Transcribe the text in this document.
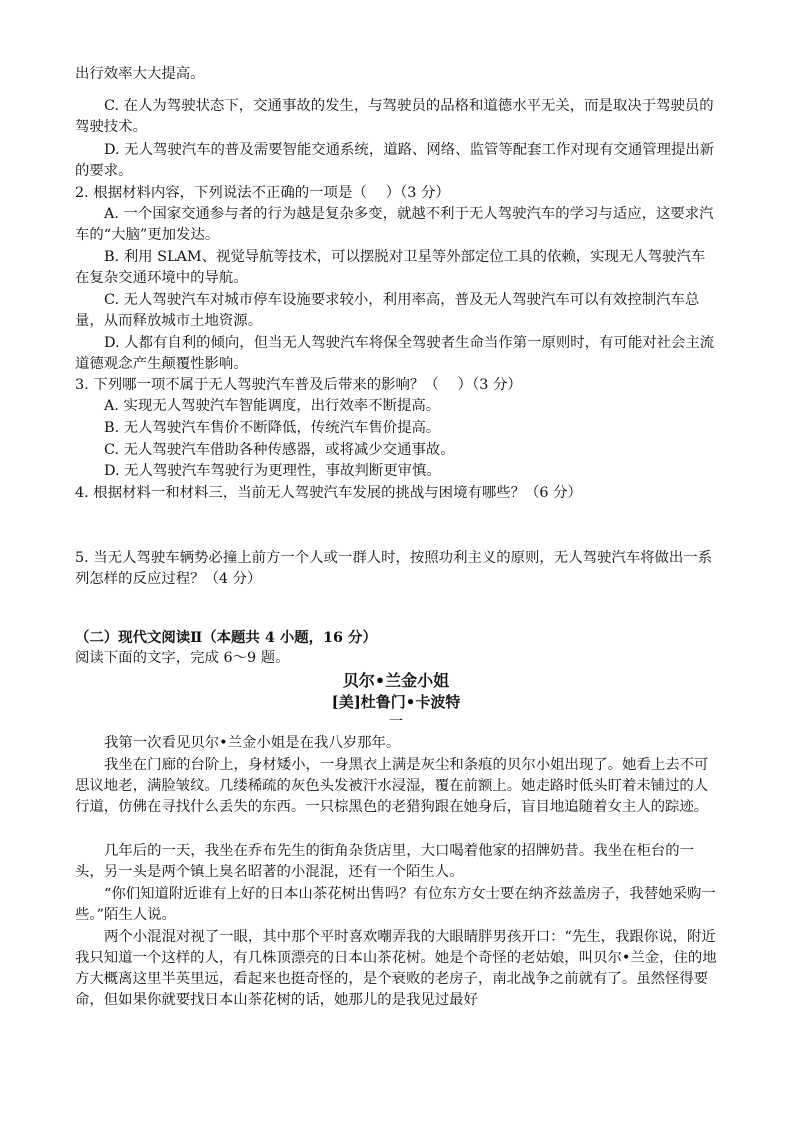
出行效率大大提高。

C. 在人为驾驶状态下，交通事故的发生，与驾驶员的品格和道德水平无关，而是取决于驾驶员的驾驶技术。

D. 无人驾驶汽车的普及需要智能交通系统，道路、网络、监管等配套工作对现有交通管理提出新的要求。

2. 根据材料内容，下列说法不正确的一项是（　 ）（3 分）

A. 一个国家交通参与者的行为越是复杂多变，就越不利于无人驾驶汽车的学习与适应，这要求汽车的“大脑”更加发达。

B. 利用 SLAM、视觉导航等技术，可以摆脱对卫星等外部定位工具的依赖，实现无人驾驶汽车在复杂交通环境中的导航。

C. 无人驾驶汽车对城市停车设施要求较小，利用率高，普及无人驾驶汽车可以有效控制汽车总量，从而释放城市土地资源。

D. 人都有自利的倾向，但当无人驾驶汽车将保全驾驶者生命当作第一原则时，有可能对社会主流道德观念产生颠覆性影响。

3. 下列哪一项不属于无人驾驶汽车普及后带来的影响？（　 ）（3 分）

A. 实现无人驾驶汽车智能调度，出行效率不断提高。

B. 无人驾驶汽车售价不断降低，传统汽车售价提高。

C. 无人驾驶汽车借助各种传感器，或将减少交通事故。

D. 无人驾驶汽车驾驶行为更理性，事故判断更审慎。

4. 根据材料一和材料三，当前无人驾驶汽车发展的挑战与困境有哪些？（6 分）

5. 当无人驾驶车辆势必撞上前方一个人或一群人时，按照功利主义的原则，无人驾驶汽车将做出一系列怎样的反应过程？（4 分）

（二）现代文阅读Ⅱ（本题共 4 小题，16 分）

阅读下面的文字，完成 6～9 题。

贝尔•兰金小姐

[美]杜鲁门•卡波特

一

我第一次看见贝尔•兰金小姐是在我八岁那年。

我坐在门廊的台阶上，身材矮小，一身黑衣上满是灰尘和条痕的贝尔小姐出现了。她看上去不可思议地老，满脸皱纹。几缕稀疏的灰色头发被汗水浸湿，覆在前额上。她走路时低头盯着未铺过的人行道，仿佛在寻找什么丢失的东西。一只棕黑色的老猎狗跟在她身后，盲目地追随着女主人的踪迹。

几年后的一天，我坐在乔布先生的街角杂货店里，大口喝着他家的招牌奶昔。我坐在柜台的一头，另一头是两个镇上臭名昭著的小混混，还有一个陌生人。

“你们知道附近谁有上好的日本山茶花树出售吗？有位东方女士要在纳齐兹盖房子，我替她采购一些。”陌生人说。

两个小混混对视了一眼，其中那个平时喜欢嘲弄我的大眼睛胖男孩开口：“先生，我跟你说，附近我只知道一个这样的人，有几株顶漂亮的日本山茶花树。她是个奇怪的老姑娘，叫贝尔•兰金，住的地方大概离这里半英里远，看起来也挺奇怪的，是个衰败的老房子，南北战争之前就有了。虽然怪得要命，但如果你就要找日本山茶花树的话，她那儿的是我见过最好
